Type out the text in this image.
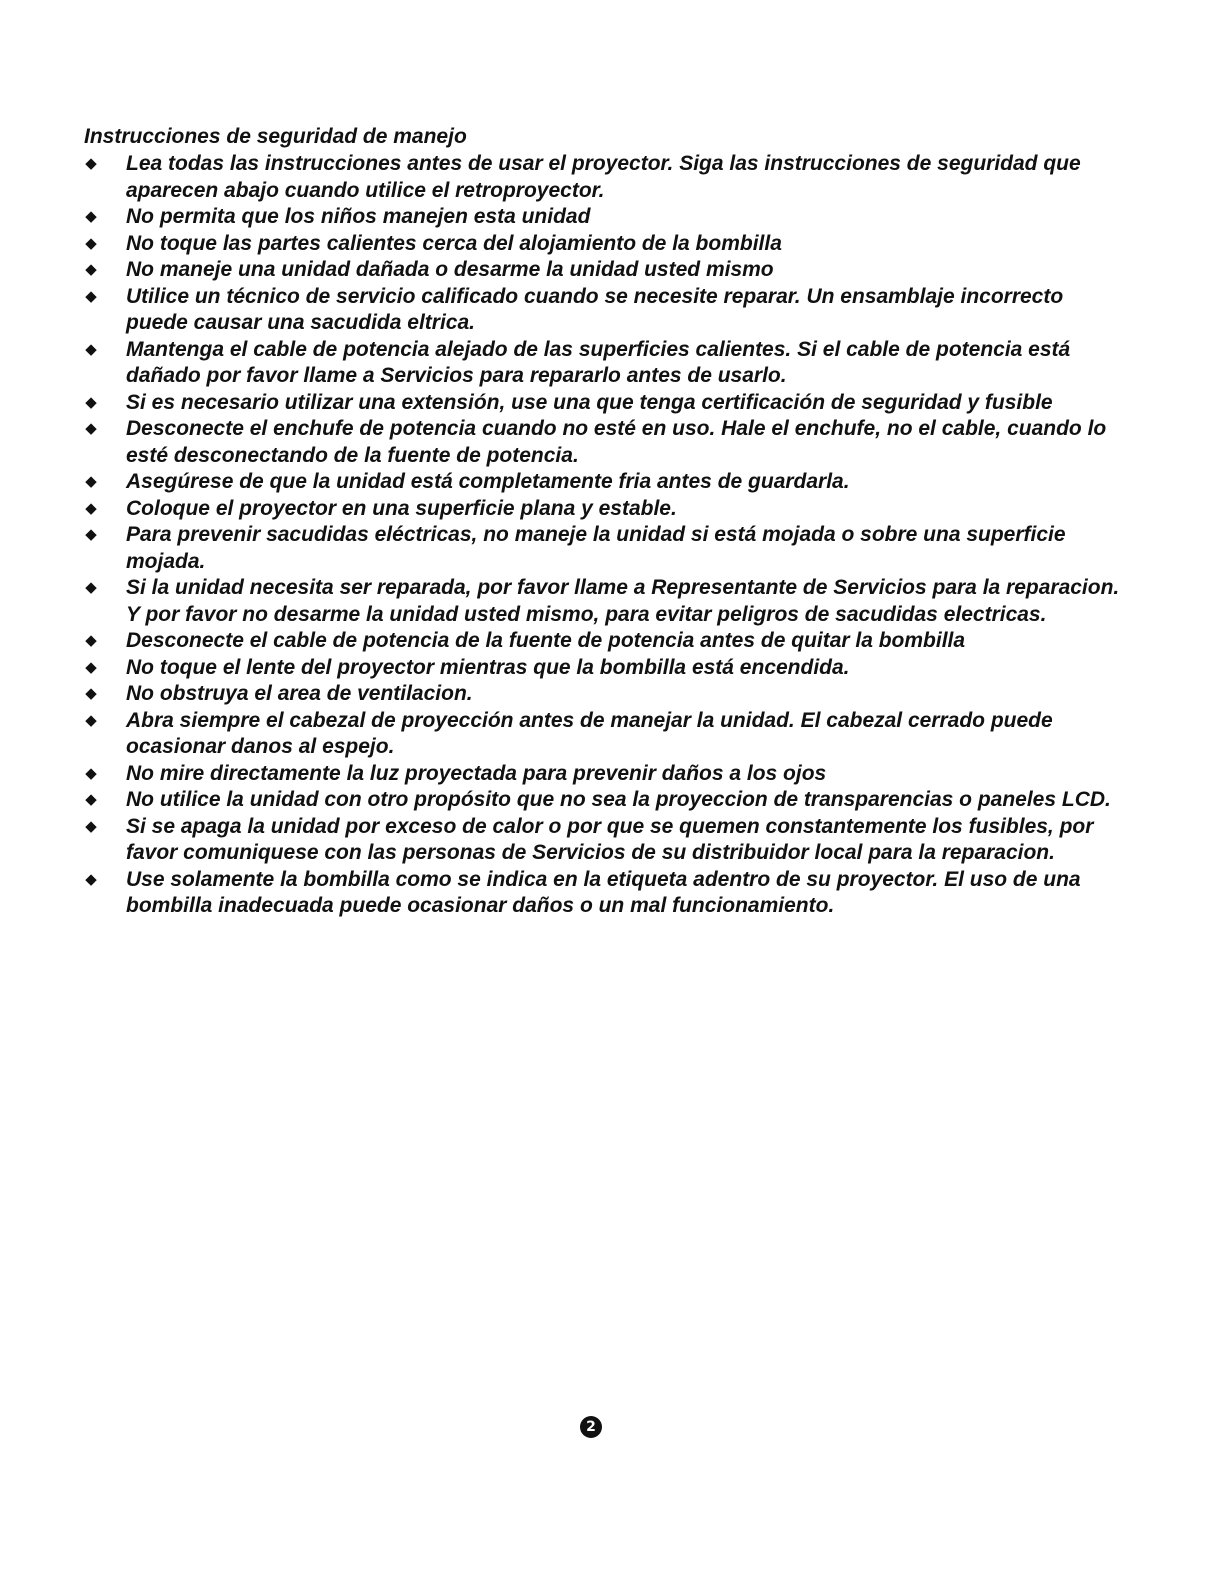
Instrucciones de seguridad de manejo
◆ Lea todas las instrucciones antes de usar el proyector. Siga las instrucciones de seguridad que aparecen abajo cuando utilice el retroproyector.
◆ No permita que los niños manejen esta unidad
◆ No toque las partes calientes cerca del alojamiento de la bombilla
◆ No maneje una unidad dañada o desarme la unidad usted mismo
◆ Utilice un técnico de servicio calificado cuando se necesite reparar. Un ensamblaje incorrecto puede causar una sacudida eltrica.
◆ Mantenga el cable de potencia alejado de las superficies calientes. Si el cable de potencia está dañado por favor llame a Servicios para repararlo antes de usarlo.
◆ Si es necesario utilizar una extensión, use una que tenga certificación de seguridad y fusible
◆ Desconecte el enchufe de potencia cuando no esté en uso. Hale el enchufe, no el cable, cuando lo esté desconectando de la fuente de potencia.
◆ Asegúrese de que la unidad está completamente fria antes de guardarla.
◆ Coloque el proyector en una superficie plana y estable.
◆ Para prevenir sacudidas eléctricas, no maneje la unidad si está mojada o sobre una superficie mojada.
◆ Si la unidad necesita ser reparada, por favor llame a Representante de Servicios para la reparacion. Y por favor no desarme la unidad usted mismo, para evitar peligros de sacudidas electricas.
◆ Desconecte el cable de potencia de la fuente de potencia antes de quitar la bombilla
◆ No toque el lente del proyector mientras que la bombilla está encendida.
◆ No obstruya el area de ventilacion.
◆ Abra siempre el cabezal de proyección antes de manejar la unidad. El cabezal cerrado puede ocasionar danos al espejo.
◆ No mire directamente la luz proyectada para prevenir daños a los ojos
◆ No utilice la unidad con otro propósito que no sea la proyeccion de transparencias o paneles LCD.
◆ Si se apaga la unidad por exceso de calor o por que se quemen constantemente los fusibles, por favor comuniquese con las personas de Servicios de su distribuidor local para la reparacion.
◆ Use solamente la bombilla como se indica en la etiqueta adentro de su proyector. El uso de una bombilla inadecuada puede ocasionar daños o un mal funcionamiento.
2
